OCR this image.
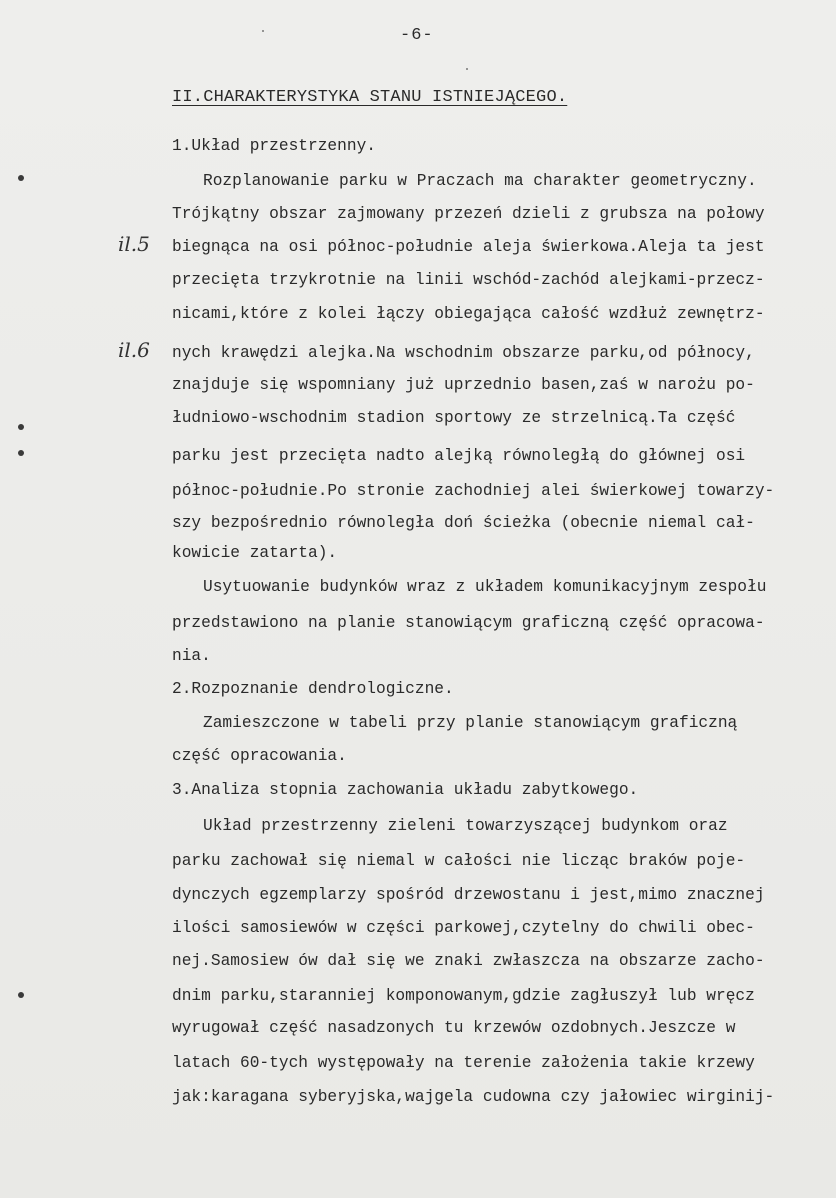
-6-
II.CHARAKTERYSTYKA STANU ISTNIEJĄCEGO.
il.5
il.6
1.Układ przestrzenny.
Rozplanowanie parku w Praczach ma charakter geometryczny.
Trójkątny obszar zajmowany przezeń dzieli z grubsza na połowy
biegnąca na osi północ-południe aleja świerkowa.Aleja ta jest
przecięta trzykrotnie na linii wschód-zachód alejkami-przecz-
nicami,które z kolei łączy obiegająca całość wzdłuż zewnętrz-
nych krawędzi alejka.Na wschodnim obszarze parku,od północy,
znajduje się wspomniany już uprzednio basen,zaś w narożu po-
łudniowo-wschodnim stadion sportowy ze strzelnicą.Ta część
parku jest przecięta nadto alejką równoległą do głównej osi
północ-południe.Po stronie zachodniej alei świerkowej towarzy-
szy bezpośrednio równoległa doń ścieżka (obecnie niemal cał-
kowicie zatarta).
Usytuowanie budynków wraz z układem komunikacyjnym zespołu
przedstawiono na planie stanowiącym graficzną część opracowa-
nia.
2.Rozpoznanie dendrologiczne.
Zamieszczone w tabeli przy planie stanowiącym graficzną
część opracowania.
3.Analiza stopnia zachowania układu zabytkowego.
Układ przestrzenny zieleni towarzyszącej budynkom oraz
parku zachował się niemal w całości nie licząc braków poje-
dynczych egzemplarzy spośród drzewostanu i jest,mimo znacznej
ilości samosiewów w części parkowej,czytelny do chwili obec-
nej.Samosiew ów dał się we znaki zwłaszcza na obszarze zacho-
dnim parku,staranniej komponowanym,gdzie zagłuszył lub wręcz
wyrugował część nasadzonych tu krzewów ozdobnych.Jeszcze w
latach 60-tych występowały na terenie założenia takie krzewy
jak:karagana syberyjska,wajgela cudowna czy jałowiec wirginij-
